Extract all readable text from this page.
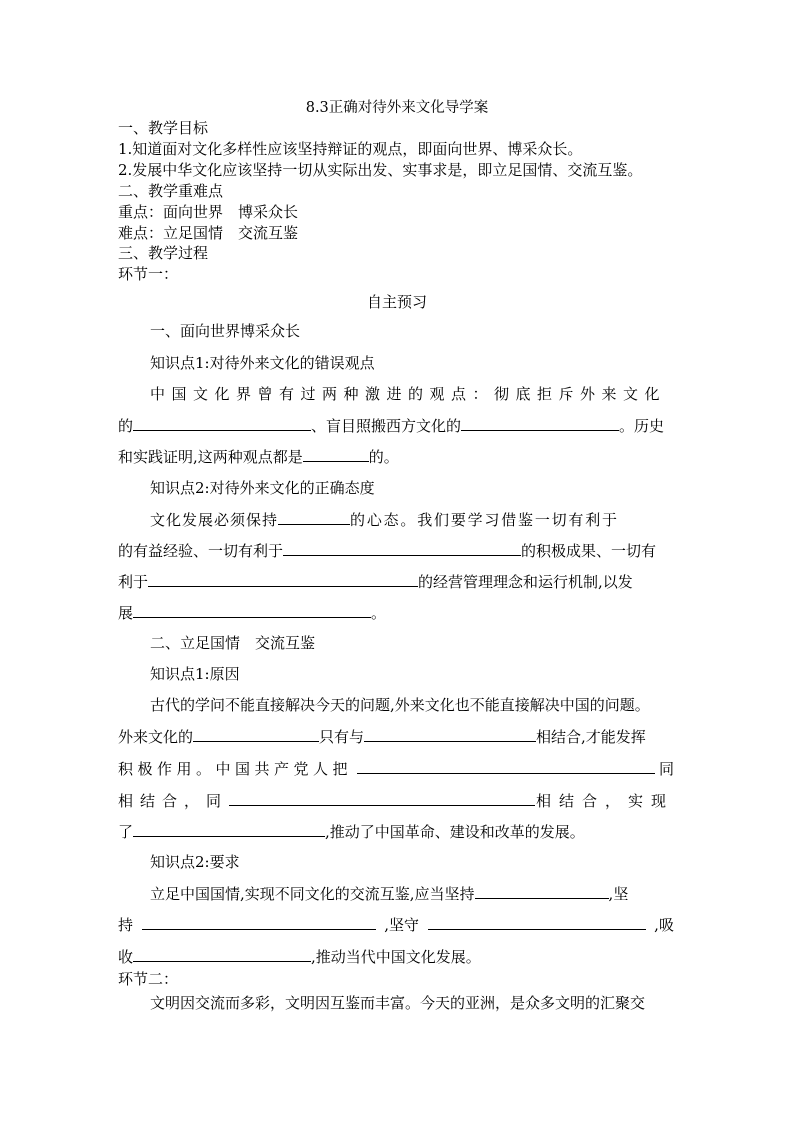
8.3正确对待外来文化导学案
一、教学目标
1.知道面对文化多样性应该坚持辩证的观点，即面向世界、博采众长。
2.发展中华文化应该坚持一切从实际出发、实事求是，即立足国情、交流互鉴。
二、教学重难点
重点：面向世界　博采众长
难点：立足国情　交流互鉴
三、教学过程
环节一：
自主预习
一、面向世界博采众长
知识点1:对待外来文化的错误观点
中国文化界曾有过两种激进的观点：彻底拒斥外来文化
的	、盲目照搬西方文化的	。历史
和实践证明,这两种观点都是	的。
知识点2:对待外来文化的正确态度
文化发展必须保持	的心态。我们要学习借鉴一切有利于
的有益经验、一切有利于	的积极成果、一切有
利于	的经营管理理念和运行机制,以发
展	。
二、立足国情　交流互鉴
知识点1:原因
古代的学问不能直接解决今天的问题,外来文化也不能直接解决中国的问题。
外来文化的	只有与	相结合,才能发挥
积极作用。中国共产党人把	同
相结合，同	相结合，实现
了	,推动了中国革命、建设和改革的发展。
知识点2:要求
立足中国国情,实现不同文化的交流互鉴,应当坚持	,坚
持	,坚守	,吸
收	,推动当代中国文化发展。
环节二：
文明因交流而多彩，文明因互鉴而丰富。今天的亚洲，是众多文明的汇聚交
